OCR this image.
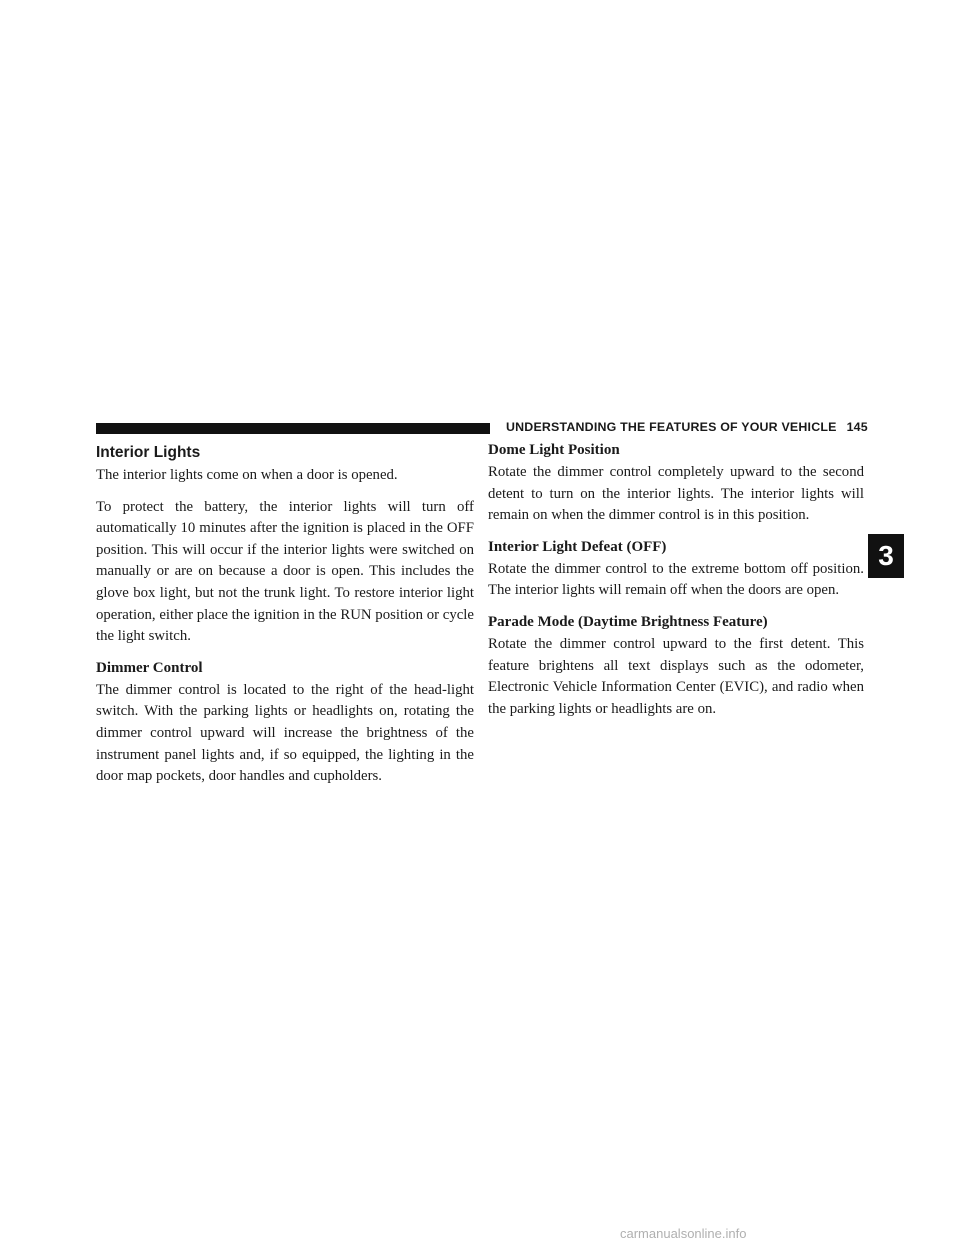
UNDERSTANDING THE FEATURES OF YOUR VEHICLE 145
Interior Lights

The interior lights come on when a door is opened.

To protect the battery, the interior lights will turn off automatically 10 minutes after the ignition is placed in the OFF position. This will occur if the interior lights were switched on manually or are on because a door is open. This includes the glove box light, but not the trunk light. To restore interior light operation, either place the ignition in the RUN position or cycle the light switch.

Dimmer Control

The dimmer control is located to the right of the head-light switch. With the parking lights or headlights on, rotating the dimmer control upward will increase the brightness of the instrument panel lights and, if so equipped, the lighting in the door map pockets, door handles and cupholders.

Dome Light Position

Rotate the dimmer control completely upward to the second detent to turn on the interior lights. The interior lights will remain on when the dimmer control is in this position.

Interior Light Defeat (OFF)

Rotate the dimmer control to the extreme bottom off position. The interior lights will remain off when the doors are open.

Parade Mode (Daytime Brightness Feature)

Rotate the dimmer control upward to the first detent. This feature brightens all text displays such as the odometer, Electronic Vehicle Information Center (EVIC), and radio when the parking lights or headlights are on.

3
carmanualsonline.info
